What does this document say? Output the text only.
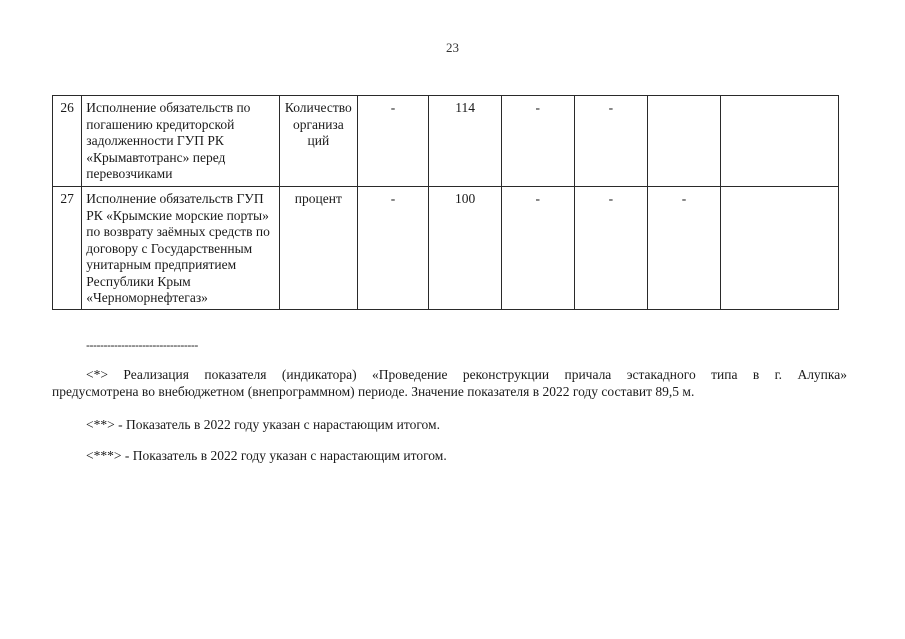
23
26	Исполнение обязательств по погашению кредиторской задолженности ГУП РК «Крымавтотранс» перед перевозчиками	Количество организа ций	-	114	-	-		
27	Исполнение обязательств ГУП РК «Крымские морские порты» по возврату заёмных средств по договору с Государственным унитарным предприятием Республики Крым «Черноморнефтегаз»	процент	-	100	-	-	-	
--------------------------------
<*> Реализация показателя (индикатора) «Проведение реконструкции причала эстакадного типа в г. Алупка»
предусмотрена во внебюджетном (внепрограммном) периоде. Значение показателя в 2022 году составит 89,5 м.
<**> - Показатель в 2022 году указан с нарастающим итогом.
<***> - Показатель в 2022 году указан с нарастающим итогом.
